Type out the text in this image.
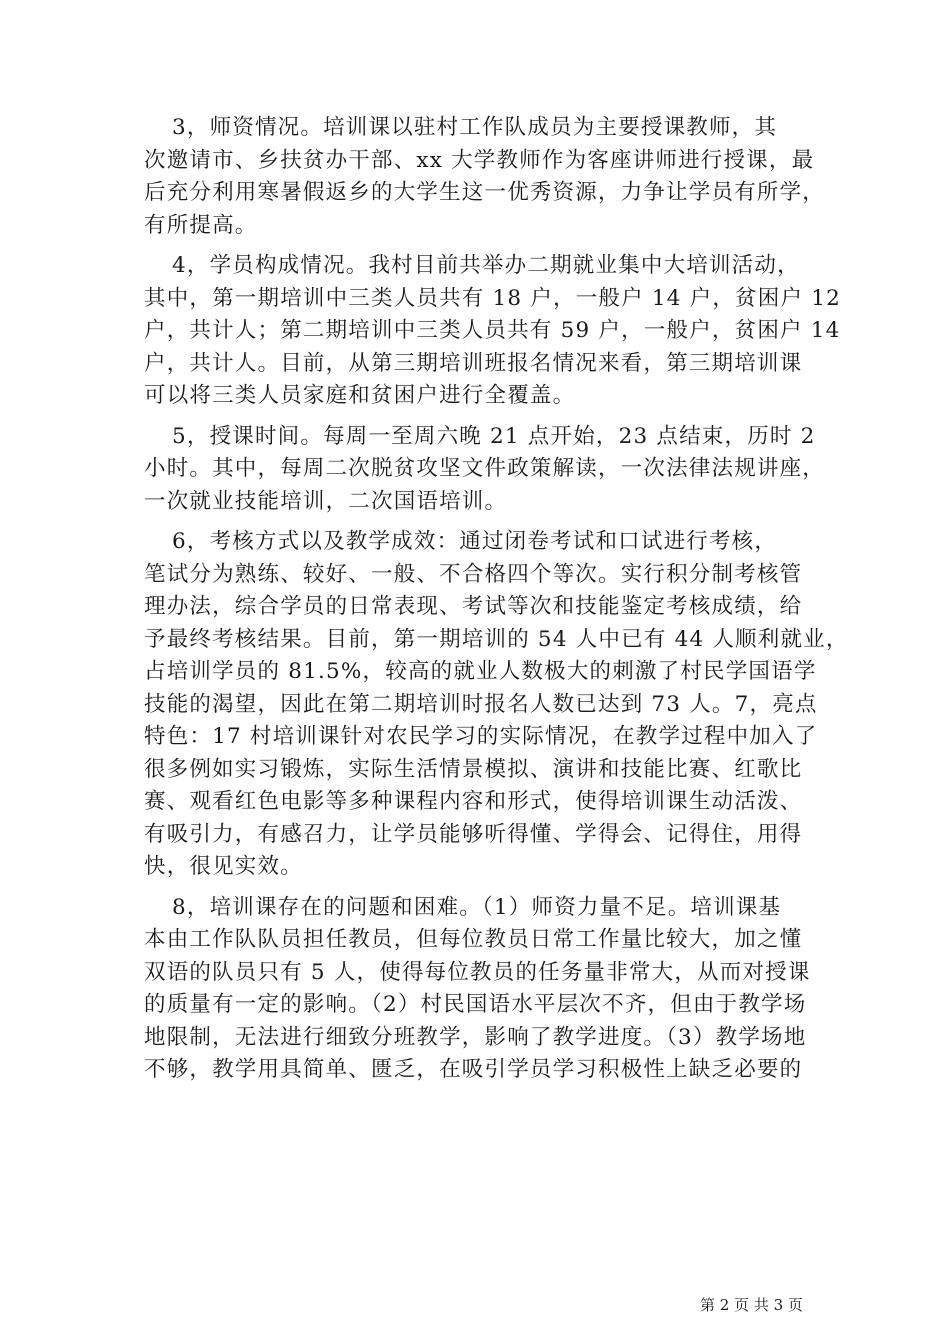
3，师资情况。培训课以驻村工作队成员为主要授课教师，其
次邀请市、乡扶贫办干部、xx 大学教师作为客座讲师进行授课，最
后充分利用寒暑假返乡的大学生这一优秀资源，力争让学员有所学，
有所提高。

4，学员构成情况。我村目前共举办二期就业集中大培训活动，
其中，第一期培训中三类人员共有 18 户，一般户 14 户，贫困户 12
户，共计人；第二期培训中三类人员共有 59 户，一般户，贫困户 14
户，共计人。目前，从第三期培训班报名情况来看，第三期培训课
可以将三类人员家庭和贫困户进行全覆盖。

5，授课时间。每周一至周六晚 21 点开始，23 点结束，历时 2
小时。其中，每周二次脱贫攻坚文件政策解读，一次法律法规讲座，
一次就业技能培训，二次国语培训。

6，考核方式以及教学成效：通过闭卷考试和口试进行考核，
笔试分为熟练、较好、一般、不合格四个等次。实行积分制考核管
理办法，综合学员的日常表现、考试等次和技能鉴定考核成绩，给
予最终考核结果。目前，第一期培训的 54 人中已有 44 人顺利就业，
占培训学员的 81.5%，较高的就业人数极大的刺激了村民学国语学
技能的渴望，因此在第二期培训时报名人数已达到 73 人。7，亮点
特色：17 村培训课针对农民学习的实际情况，在教学过程中加入了
很多例如实习锻炼，实际生活情景模拟、演讲和技能比赛、红歌比
赛、观看红色电影等多种课程内容和形式，使得培训课生动活泼、
有吸引力，有感召力，让学员能够听得懂、学得会、记得住，用得
快，很见实效。

8，培训课存在的问题和困难。（1）师资力量不足。培训课基
本由工作队队员担任教员，但每位教员日常工作量比较大，加之懂
双语的队员只有 5 人，使得每位教员的任务量非常大，从而对授课
的质量有一定的影响。（2）村民国语水平层次不齐，但由于教学场
地限制，无法进行细致分班教学，影响了教学进度。（3）教学场地
不够，教学用具简单、匮乏，在吸引学员学习积极性上缺乏必要的

第 2 页 共 3 页
